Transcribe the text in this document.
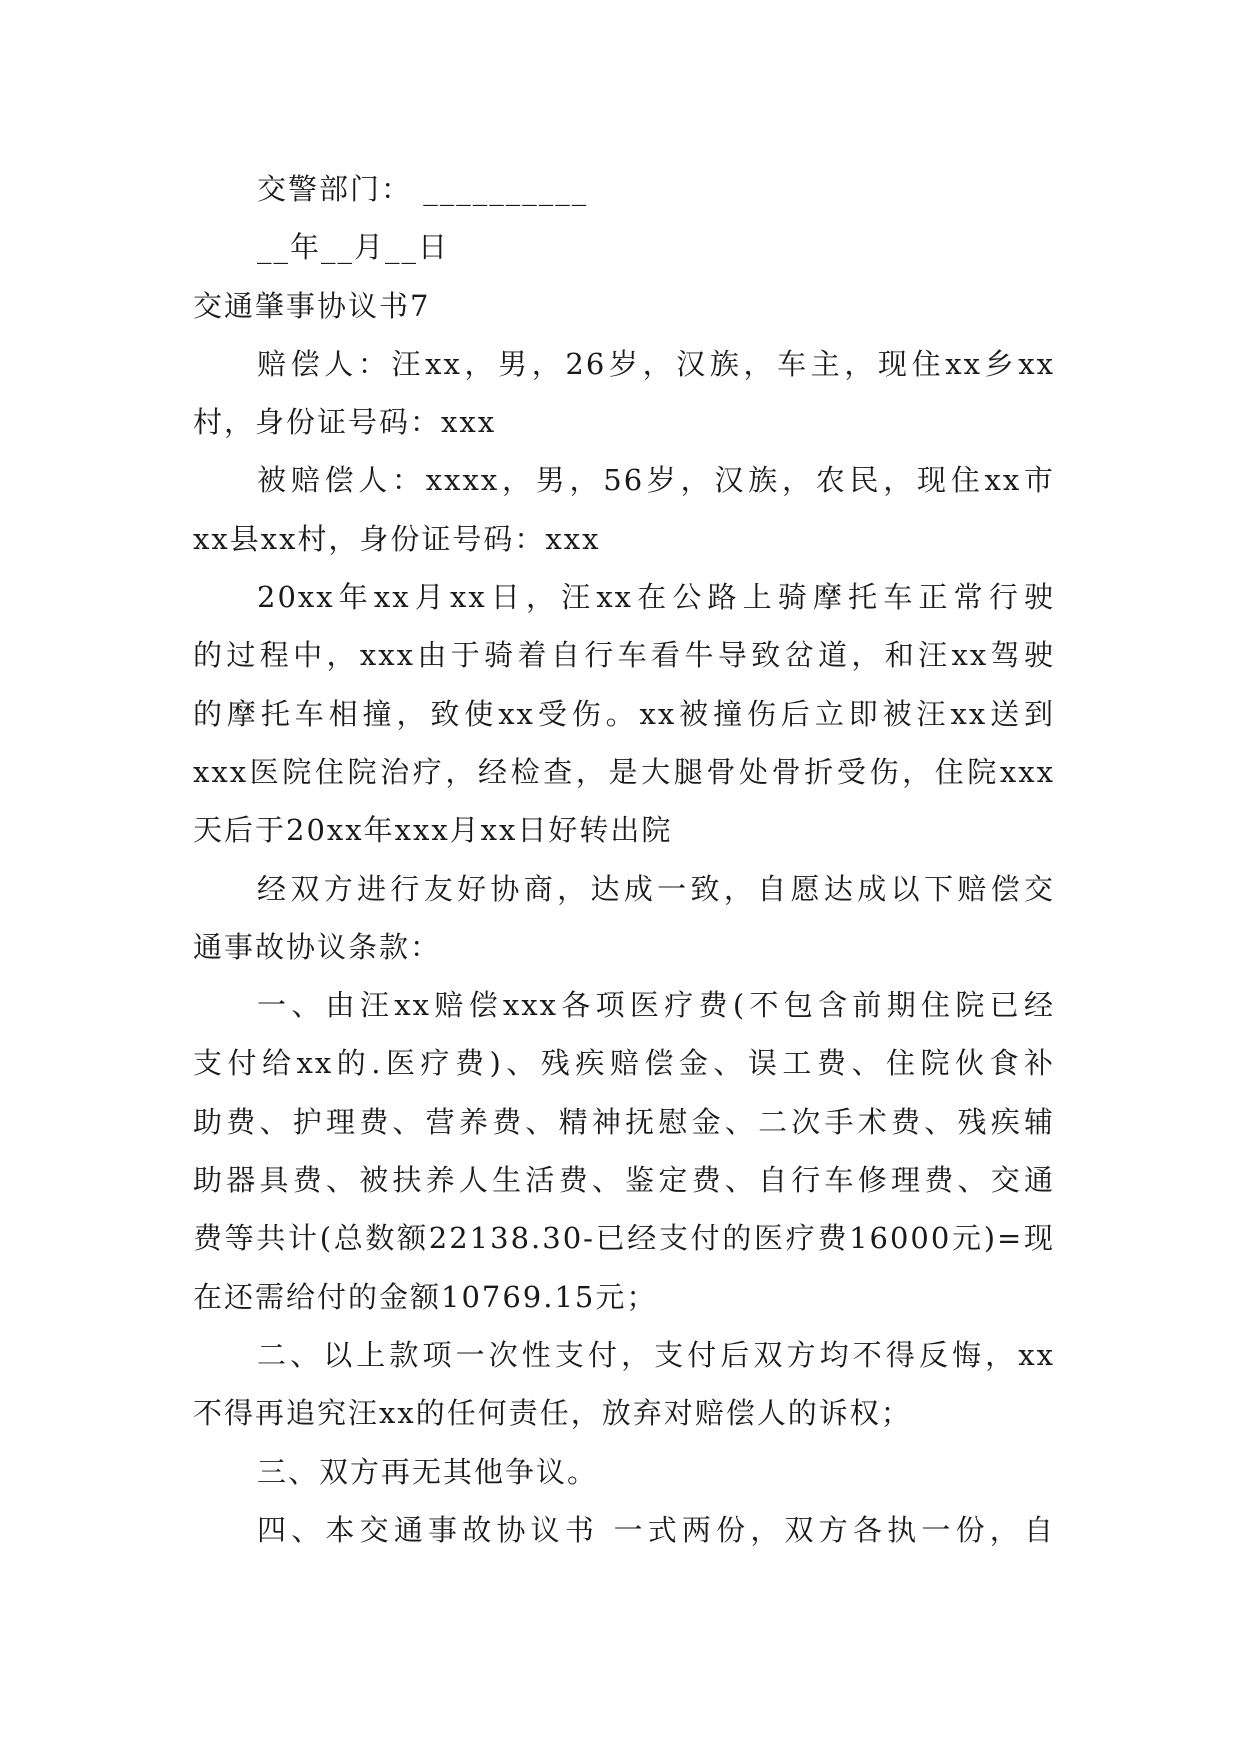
交警部门： __________
__年__月__日
交通肇事协议书7
赔偿人：汪xx，男，26岁，汉族，车主，现住xx乡xx
村，身份证号码：xxx
被赔偿人：xxxx，男，56岁，汉族，农民，现住xx市
xx县xx村，身份证号码：xxx
20xx年xx月xx日，汪xx在公路上骑摩托车正常行驶
的过程中，xxx由于骑着自行车看牛导致岔道，和汪xx驾驶
的摩托车相撞，致使xx受伤。xx被撞伤后立即被汪xx送到
xxx医院住院治疗，经检查，是大腿骨处骨折受伤，住院xxx
天后于20xx年xxx月xx日好转出院
经双方进行友好协商，达成一致，自愿达成以下赔偿交
通事故协议条款：
一、由汪xx赔偿xxx各项医疗费(不包含前期住院已经
支付给xx的.医疗费)、残疾赔偿金、误工费、住院伙食补
助费、护理费、营养费、精神抚慰金、二次手术费、残疾辅
助器具费、被扶养人生活费、鉴定费、自行车修理费、交通
费等共计(总数额22138.30-已经支付的医疗费16000元)=现
在还需给付的金额10769.15元；
二、以上款项一次性支付，支付后双方均不得反悔，xx
不得再追究汪xx的任何责任，放弃对赔偿人的诉权；
三、双方再无其他争议。
四、本交通事故协议书 一式两份，双方各执一份，自
